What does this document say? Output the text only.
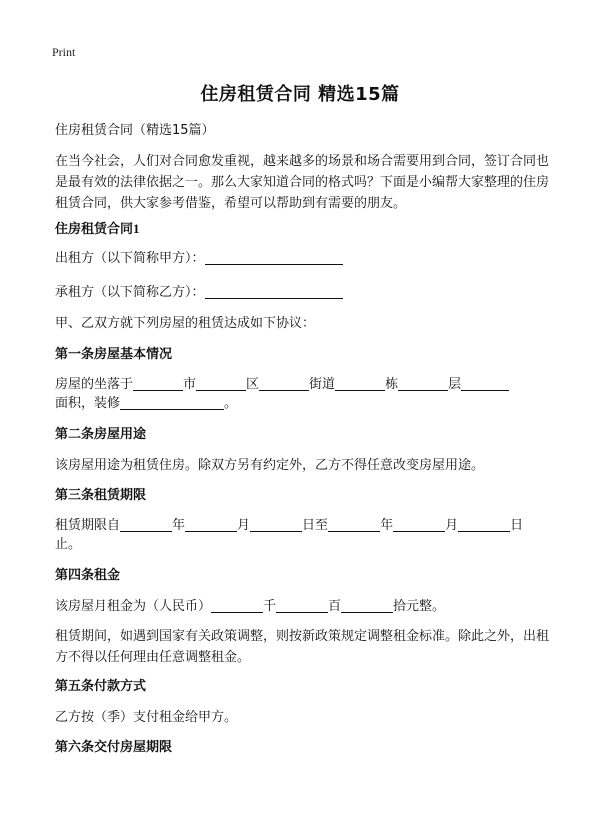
Print
住房租赁合同 精选15篇
住房租赁合同（精选15篇）
在当今社会，人们对合同愈发重视，越来越多的场景和场合需要用到合同，签订合同也是最有效的法律依据之一。那么大家知道合同的格式吗？下面是小编帮大家整理的住房租赁合同，供大家参考借鉴，希望可以帮助到有需要的朋友。
住房租赁合同1
出租方（以下简称甲方）：
承租方（以下简称乙方）：
甲、乙双方就下列房屋的租赁达成如下协议：
第一条房屋基本情况
房屋的坐落于	市	区	街道	栋	层
面积，装修	。
第二条房屋用途
该房屋用途为租赁住房。除双方另有约定外，乙方不得任意改变房屋用途。
第三条租赁期限
租赁期限自	年	月	日至	年	月	日
止。
第四条租金
该房屋月租金为（人民币）	千	百	拾元整。
租赁期间，如遇到国家有关政策调整，则按新政策规定调整租金标准。除此之外，出租方不得以任何理由任意调整租金。
第五条付款方式
乙方按（季）支付租金给甲方。
第六条交付房屋期限
